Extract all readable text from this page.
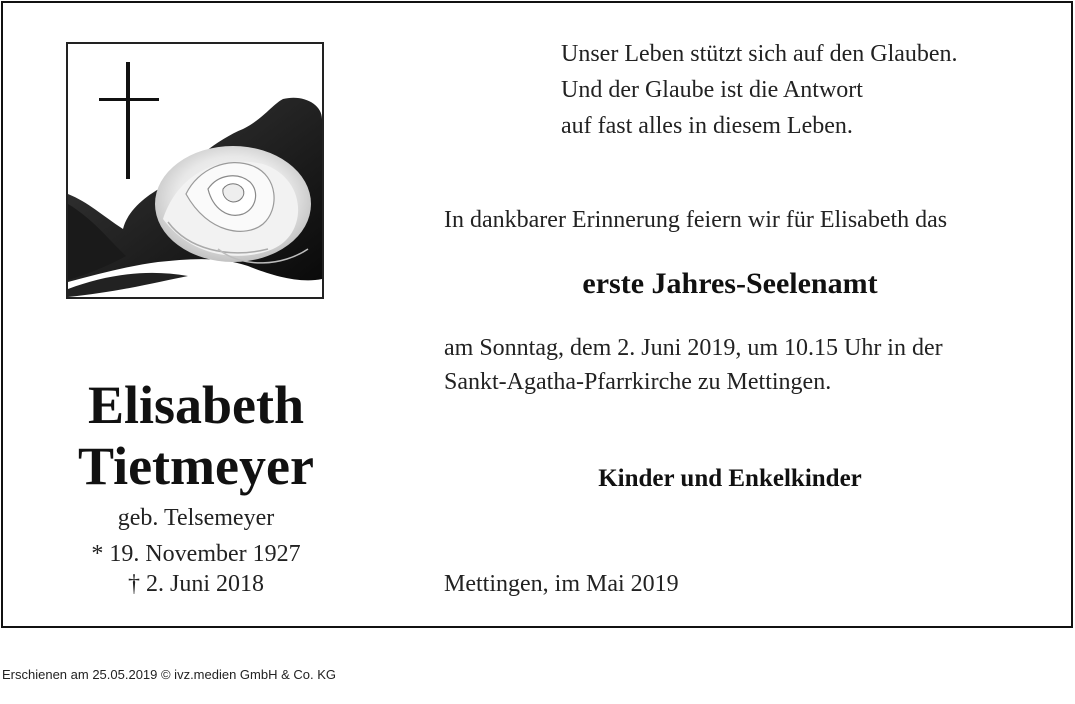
Elisabeth
Tietmeyer
geb. Telsemeyer
* 19. November 1927
† 2. Juni 2018
Unser Leben stützt sich auf den Glauben.
Und der Glaube ist die Antwort
auf fast alles in diesem Leben.
In dankbarer Erinnerung feiern wir für Elisabeth das
erste Jahres-Seelenamt
am Sonntag, dem 2. Juni 2019, um 10.15 Uhr in der
Sankt-Agatha-Pfarrkirche zu Mettingen.
Kinder und Enkelkinder
Mettingen, im Mai 2019
Erschienen am 25.05.2019 © ivz.medien GmbH & Co. KG
